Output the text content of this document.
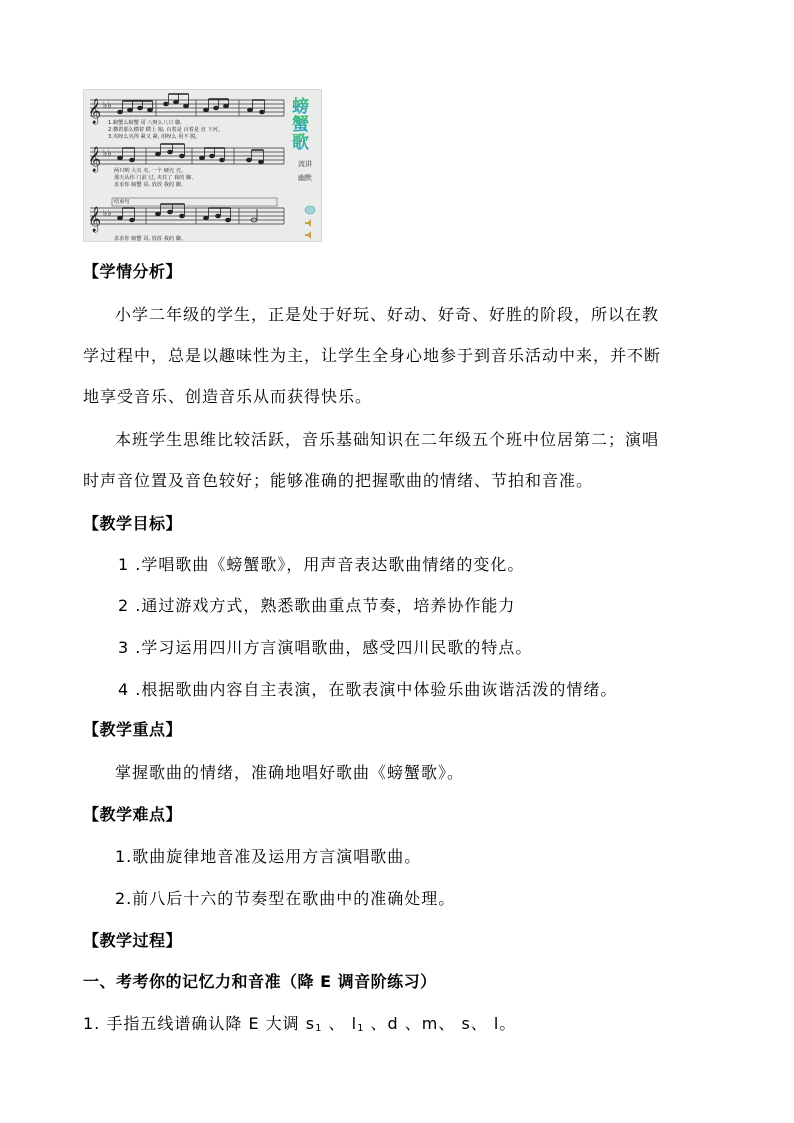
𝄞
𝄞
𝄞
♭♭
♭♭
♭♭
1.螃蟹么螃蟹 哥 八呀么八只 脚,
2.横着那么横着 横上 娘, 百着是 百着是 直 下河。
3.夹呀么夹得 紧又 紧, 用呀么 用不 脱。
两只哟 大夹 夹, 一个 硬壳 壳。
那天从你 门前 过, 夹住了 我的 脚。
求求你 螃蟹 哥, 放放 我的 脚。
求求你 螃蟹 哥, 放放 我的 脚。
结束句
螃
蟹
歌
流讲
幽默
【学情分析】
小学二年级的学生，正是处于好玩、好动、好奇、好胜的阶段，所以在教
学过程中，总是以趣味性为主，让学生全身心地参于到音乐活动中来，并不断
地享受音乐、创造音乐从而获得快乐。
本班学生思维比较活跃，音乐基础知识在二年级五个班中位居第二；演唱
时声音位置及音色较好；能够准确的把握歌曲的情绪、节拍和音准。
【教学目标】
1 .学唱歌曲《螃蟹歌》，用声音表达歌曲情绪的变化。
2 .通过游戏方式，熟悉歌曲重点节奏，培养协作能力
3 .学习运用四川方言演唱歌曲，感受四川民歌的特点。
4 .根据歌曲内容自主表演，在歌表演中体验乐曲诙谐活泼的情绪。
【教学重点】
掌握歌曲的情绪，准确地唱好歌曲《螃蟹歌》。
【教学难点】
1.歌曲旋律地音准及运用方言演唱歌曲。
2.前八后十六的节奏型在歌曲中的准确处理。
【教学过程】
一、考考你的记忆力和音准（降 E 调音阶练习）
1. 手指五线谱确认降 E 大调 $s_1$ 、 $l_1$ 、d 、m、 s、 l。
